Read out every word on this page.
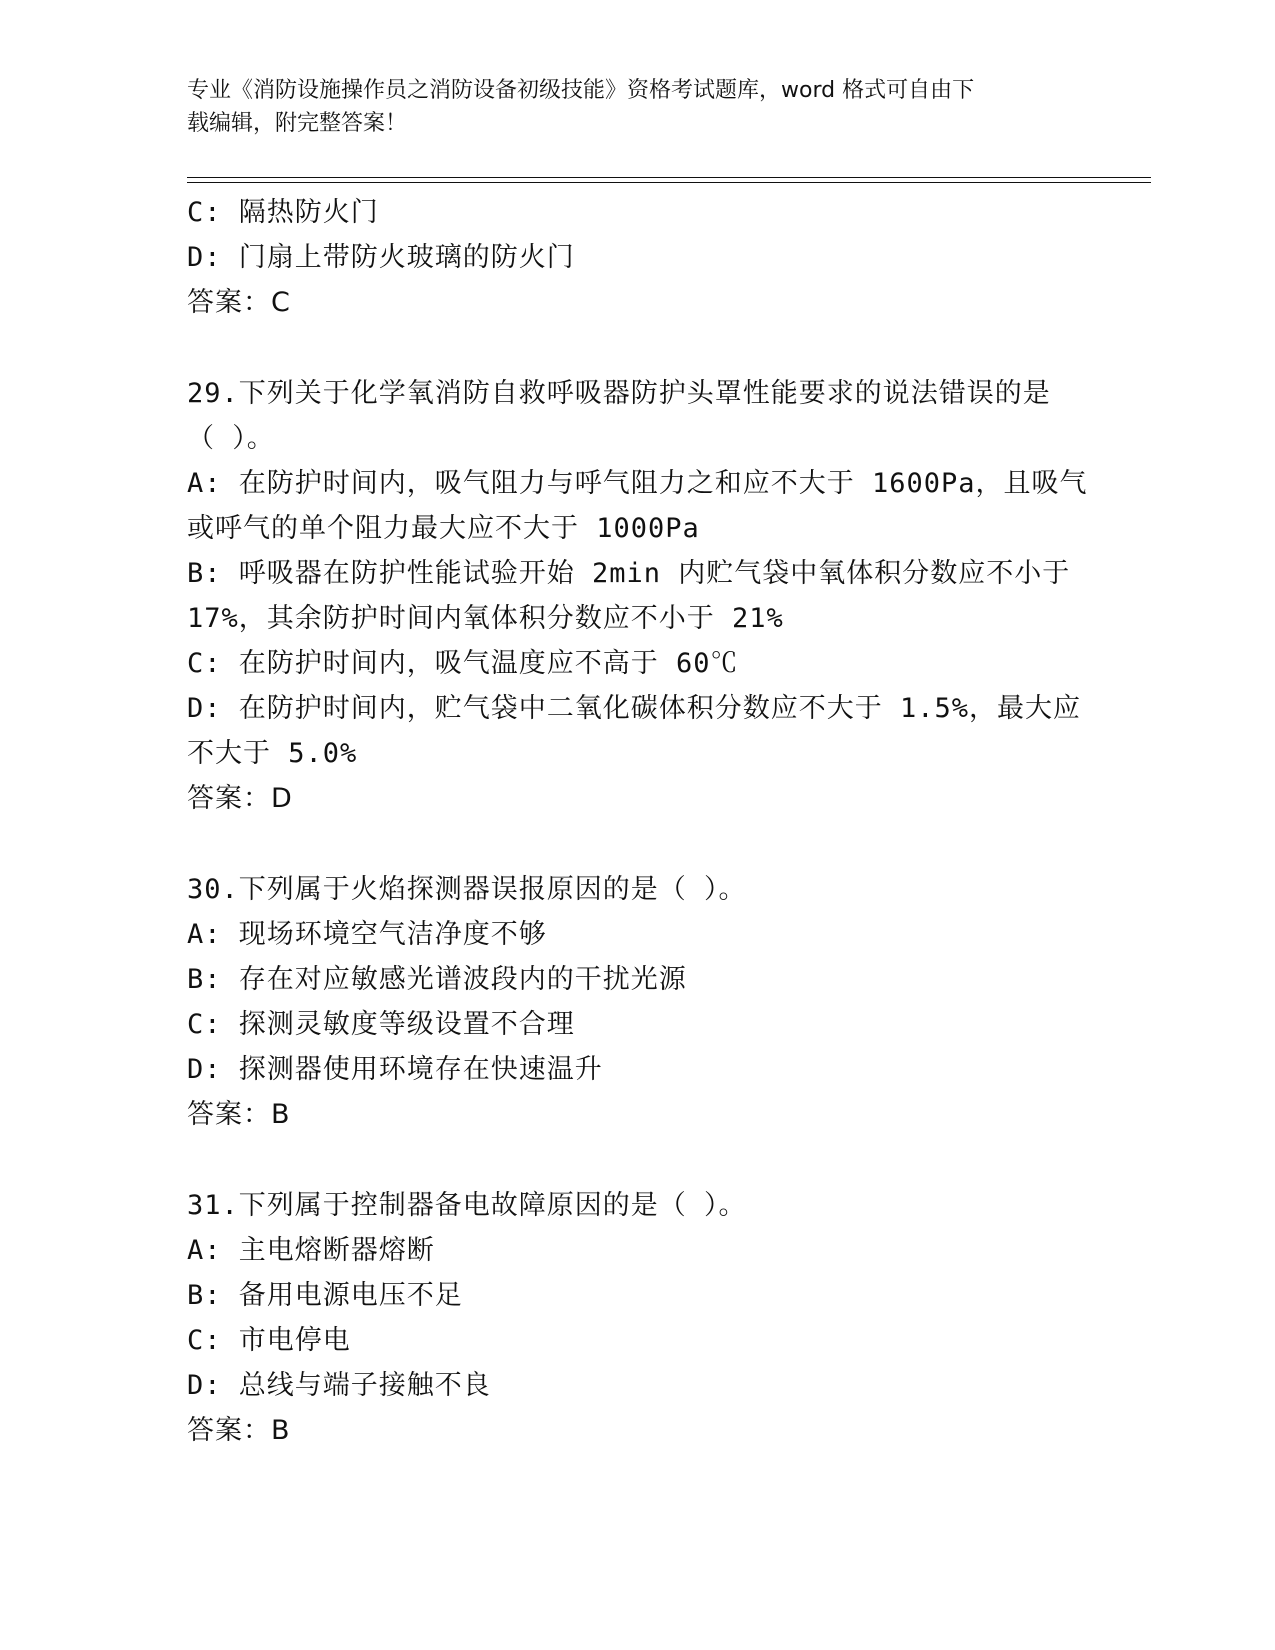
专业《消防设施操作员之消防设备初级技能》资格考试题库，word 格式可自由下
载编辑，附完整答案！
C: 隔热防火门
D: 门扇上带防火玻璃的防火门
答案：C
29.下列关于化学氧消防自救呼吸器防护头罩性能要求的说法错误的是
（ ）。
A: 在防护时间内，吸气阻力与呼气阻力之和应不大于 1600Pa，且吸气
或呼气的单个阻力最大应不大于 1000Pa
B: 呼吸器在防护性能试验开始 2min 内贮气袋中氧体积分数应不小于
17%，其余防护时间内氧体积分数应不小于 21%
C: 在防护时间内，吸气温度应不高于 60℃
D: 在防护时间内，贮气袋中二氧化碳体积分数应不大于 1.5%，最大应
不大于 5.0%
答案：D
30.下列属于火焰探测器误报原因的是（ ）。
A: 现场环境空气洁净度不够
B: 存在对应敏感光谱波段内的干扰光源
C: 探测灵敏度等级设置不合理
D: 探测器使用环境存在快速温升
答案：B
31.下列属于控制器备电故障原因的是（ ）。
A: 主电熔断器熔断
B: 备用电源电压不足
C: 市电停电
D: 总线与端子接触不良
答案：B
